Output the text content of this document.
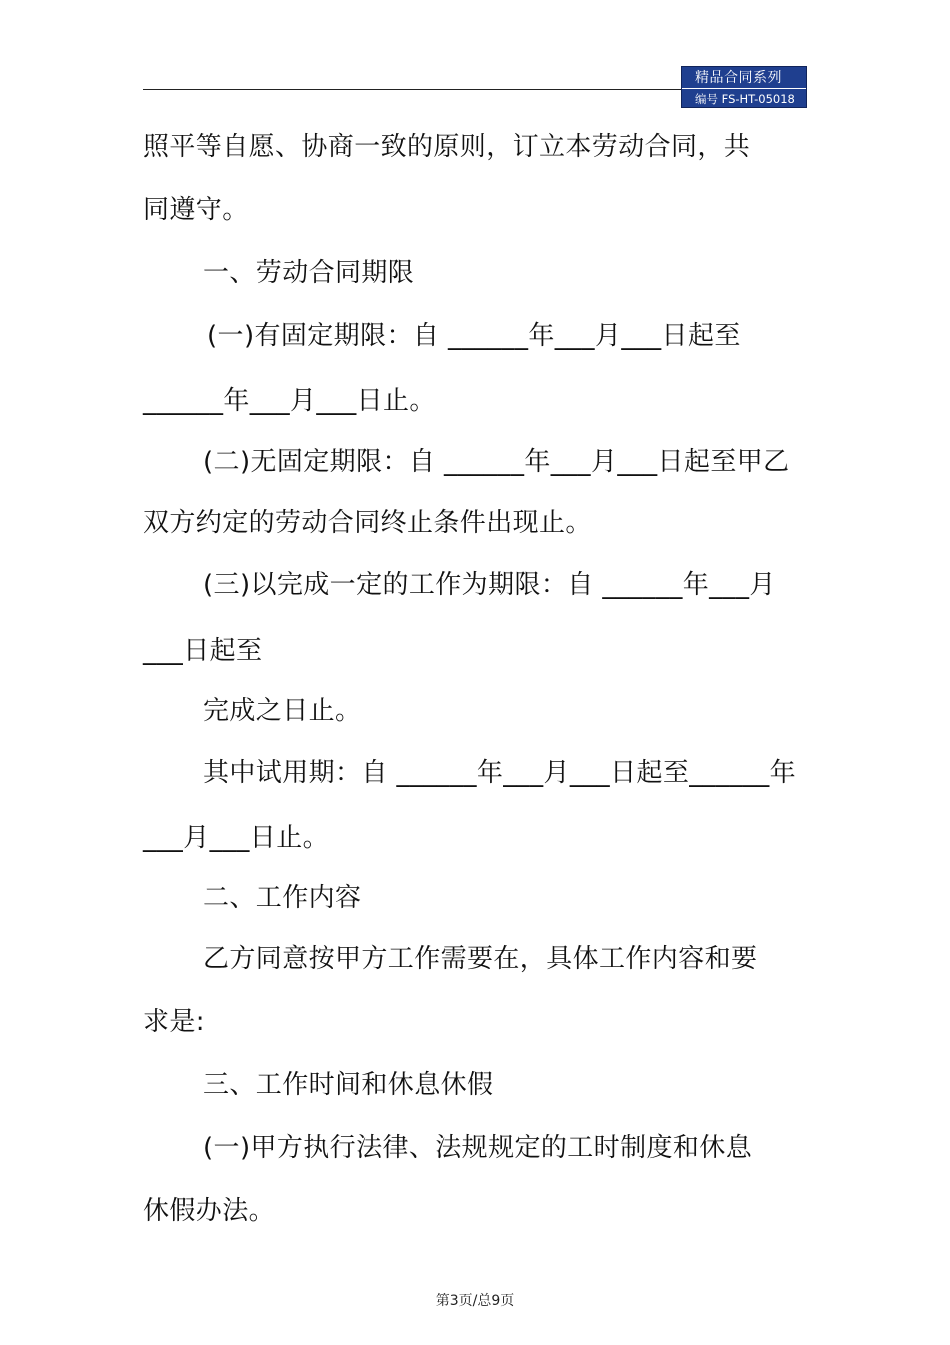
精品合同系列
编号 FS-HT-05018
照平等自愿、协商一致的原则，订立本劳动合同，共
同遵守。
一、劳动合同期限
(一)有固定期限：自 ______年___月___日起至
______年___月___日止。
(二)无固定期限：自 ______年___月___日起至甲乙
双方约定的劳动合同终止条件出现止。
(三)以完成一定的工作为期限：自 ______年___月
___日起至
完成之日止。
其中试用期：自 ______年___月___日起至______年
___月___日止。
二、工作内容
乙方同意按甲方工作需要在，具体工作内容和要
求是:
三、工作时间和休息休假
(一)甲方执行法律、法规规定的工时制度和休息
休假办法。
第3页/总9页
